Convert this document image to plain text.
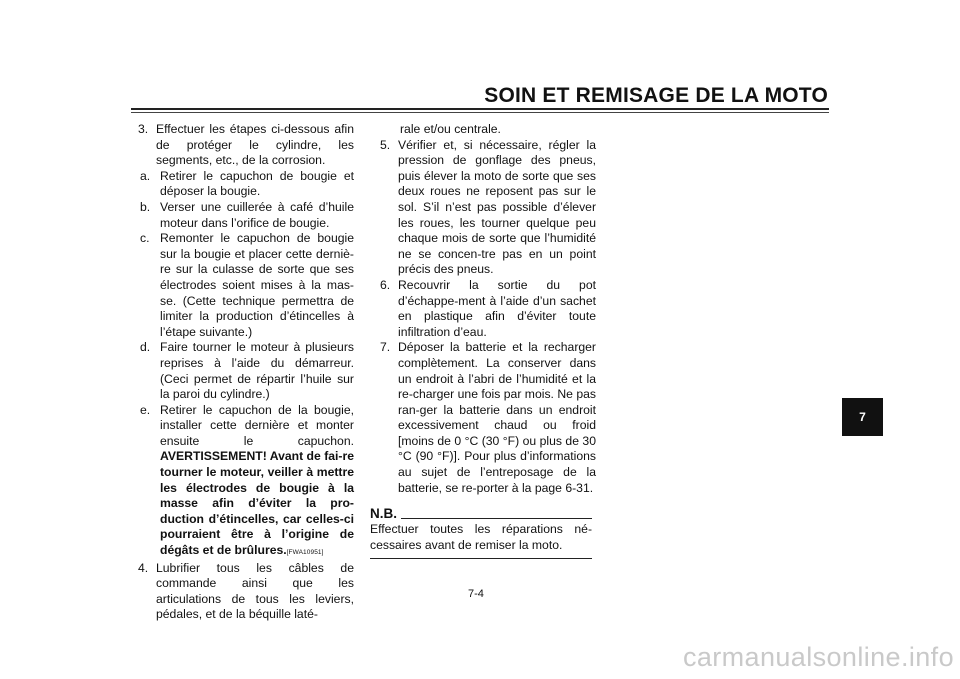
SOIN ET REMISAGE DE LA MOTO
3. Effectuer les étapes ci-dessous afin de protéger le cylindre, les segments, etc., de la corrosion.
a. Retirer le capuchon de bougie et déposer la bougie.
b. Verser une cuillerée à café d’huile moteur dans l’orifice de bougie.
c. Remonter le capuchon de bougie sur la bougie et placer cette derniè-re sur la culasse de sorte que ses électrodes soient mises à la mas-se. (Cette technique permettra de limiter la production d’étincelles à l’étape suivante.)
d. Faire tourner le moteur à plusieurs reprises à l’aide du démarreur. (Ceci permet de répartir l’huile sur la paroi du cylindre.)
e. Retirer le capuchon de la bougie, installer cette dernière et monter ensuite le capuchon. AVERTISSEMENT! Avant de fai-re tourner le moteur, veiller à mettre les électrodes de bougie à la masse afin d’éviter la pro-duction d’étincelles, car celles-ci pourraient être à l’origine de dégâts et de brûlures.[FWA10951]
4. Lubrifier tous les câbles de commande ainsi que les articulations de tous les leviers, pédales, et de la béquille laté-
rale et/ou centrale.
5. Vérifier et, si nécessaire, régler la pression de gonflage des pneus, puis élever la moto de sorte que ses deux roues ne reposent pas sur le sol. S’il n’est pas possible d’élever les roues, les tourner quelque peu chaque mois de sorte que l’humidité ne se concen-tre pas en un point précis des pneus.
6. Recouvrir la sortie du pot d’échappe-ment à l’aide d’un sachet en plastique afin d’éviter toute infiltration d’eau.
7. Déposer la batterie et la recharger complètement. La conserver dans un endroit à l’abri de l’humidité et la re-charger une fois par mois. Ne pas ran-ger la batterie dans un endroit excessivement chaud ou froid [moins de 0 °C (30 °F) ou plus de 30 °C (90 °F)]. Pour plus d’informations au sujet de l’entreposage de la batterie, se re-porter à la page 6-31.
N.B.
Effectuer toutes les réparations né-cessaires avant de remiser la moto.
7-4
7
carmanualsonline.info
